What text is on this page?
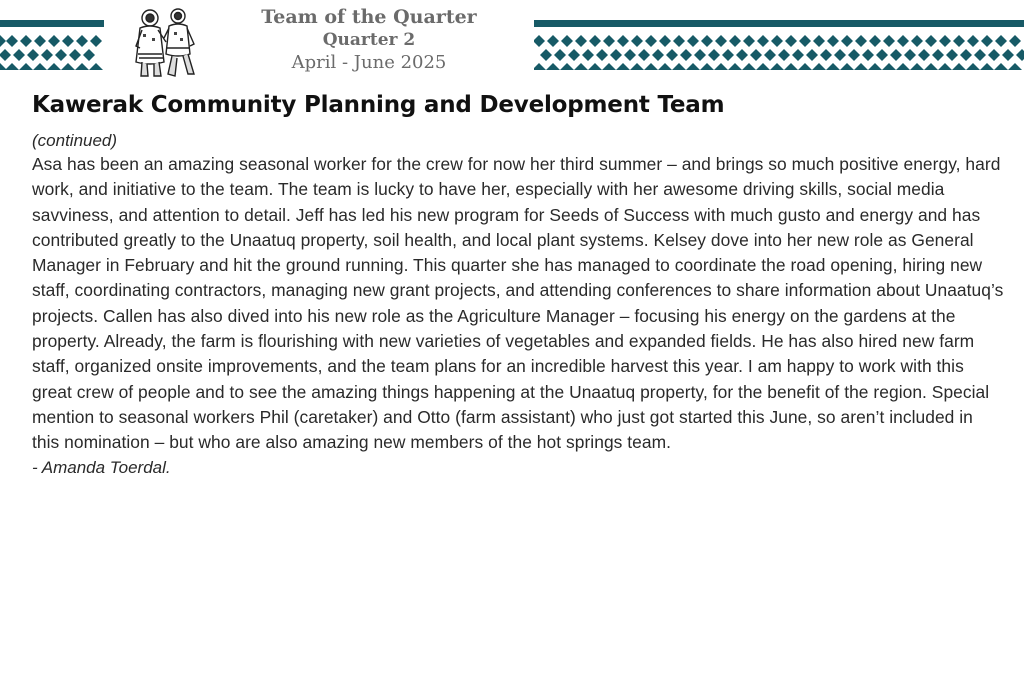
Team of the Quarter
Quarter 2
April - June 2025
Kawerak Community Planning and Development Team
(continued)

Asa has been an amazing seasonal worker for the crew for now her third summer – and brings so much positive energy, hard work, and initiative to the team. The team is lucky to have her, especially with her awesome driving skills, social media savviness, and attention to detail. Jeff has led his new program for Seeds of Success with much gusto and energy and has contributed greatly to the Unaatuq property, soil health, and local plant systems. Kelsey dove into her new role as General Manager in February and hit the ground running. This quarter she has managed to coordinate the road opening, hiring new staff, coordinating contractors, managing new grant projects, and attending conferences to share information about Unaatuq’s projects. Callen has also dived into his new role as the Agriculture Manager – focusing his energy on the gardens at the property. Already, the farm is flourishing with new varieties of vegetables and expanded fields. He has also hired new farm staff, organized onsite improvements, and the team plans for an incredible harvest this year. I am happy to work with this great crew of people and to see the amazing things happening at the Unaatuq property, for the benefit of the region. Special mention to seasonal workers Phil (caretaker) and Otto (farm assistant) who just got started this June, so aren’t included in this nomination – but who are also amazing new members of the hot springs team.

- Amanda Toerdal.
